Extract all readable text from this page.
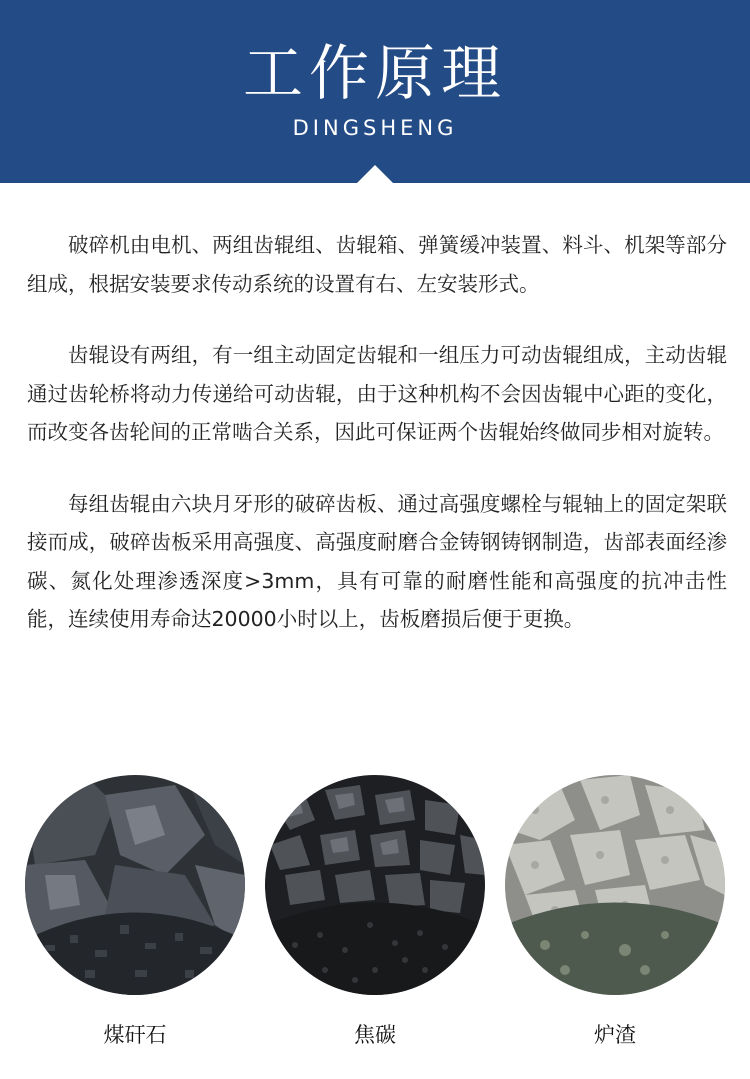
工作原理
DINGSHENG

破碎机由电机、两组齿辊组、齿辊箱、弹簧缓冲装置、料斗、机架等部分组成，根据安装要求传动系统的设置有右、左安装形式。

齿辊设有两组，有一组主动固定齿辊和一组压力可动齿辊组成，主动齿辊通过齿轮桥将动力传递给可动齿辊，由于这种机构不会因齿辊中心距的变化，而改变各齿轮间的正常啮合关系，因此可保证两个齿辊始终做同步相对旋转。

每组齿辊由六块月牙形的破碎齿板、通过高强度螺栓与辊轴上的固定架联接而成，破碎齿板采用高强度、高强度耐磨合金铸钢铸钢制造，齿部表面经渗碳、氮化处理渗透深度>3mm，具有可靠的耐磨性能和高强度的抗冲击性能，连续使用寿命达20000小时以上，齿板磨损后便于更换。

煤矸石	焦碳	炉渣
